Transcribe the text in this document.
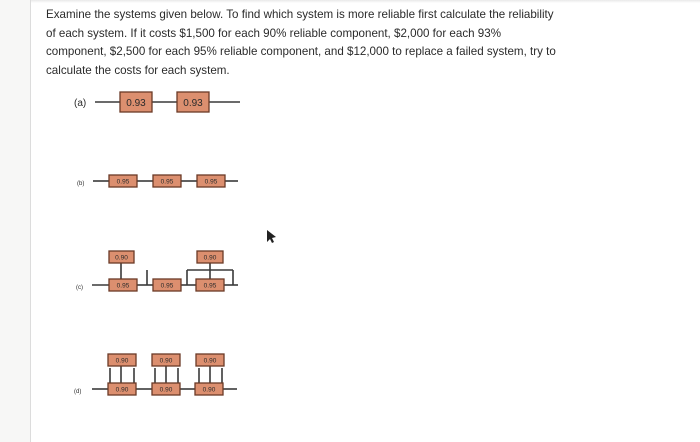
Examine the systems given below. To find which system is more reliable first calculate the reliability of each system. If it costs $1,500 for each 90% reliable component, $2,000 for each 93% component, $2,500 for each 95% reliable component, and $12,000 to replace a failed system, try to calculate the costs for each system.

(a)	0.93	0.93
(b)	0.95	0.95	0.95
(c)
0.90	0.90
0.95	0.95	0.95
(d)
0.90	0.90	0.90
0.90	0.90	0.90
